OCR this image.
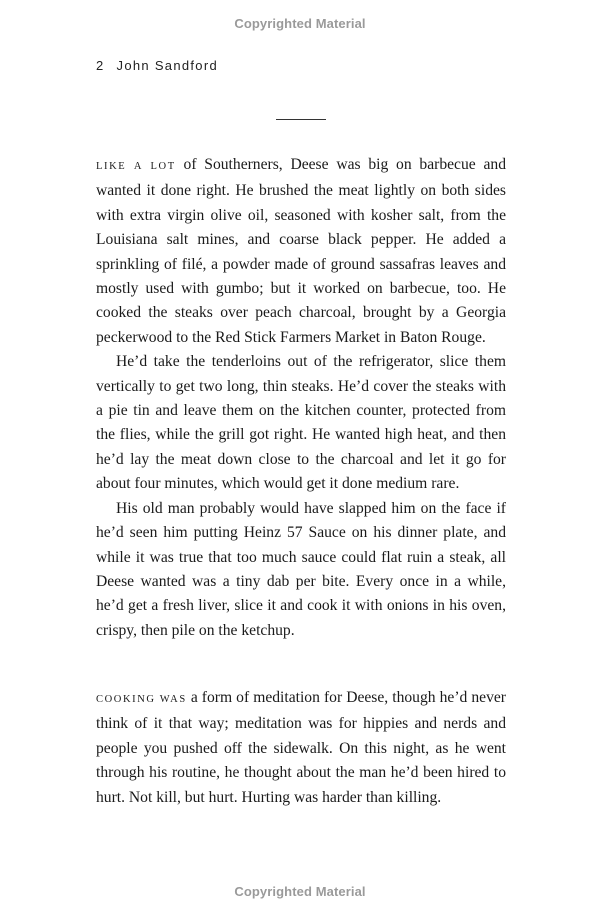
Copyrighted Material
2 John Sandford

LIKE A LOT of Southerners, Deese was big on barbecue and wanted it done right. He brushed the meat lightly on both sides with extra virgin olive oil, seasoned with kosher salt, from the Louisiana salt mines, and coarse black pepper. He added a sprinkling of filé, a powder made of ground sassafras leaves and mostly used with gumbo; but it worked on barbecue, too. He cooked the steaks over peach charcoal, brought by a Georgia peckerwood to the Red Stick Farmers Market in Baton Rouge.

He’d take the tenderloins out of the refrigerator, slice them vertically to get two long, thin steaks. He’d cover the steaks with a pie tin and leave them on the kitchen counter, protected from the flies, while the grill got right. He wanted high heat, and then he’d lay the meat down close to the charcoal and let it go for about four minutes, which would get it done medium rare.

His old man probably would have slapped him on the face if he’d seen him putting Heinz 57 Sauce on his dinner plate, and while it was true that too much sauce could flat ruin a steak, all Deese wanted was a tiny dab per bite. Every once in a while, he’d get a fresh liver, slice it and cook it with onions in his oven, crispy, then pile on the ketchup.

COOKING WAS a form of meditation for Deese, though he’d never think of it that way; meditation was for hippies and nerds and people you pushed off the sidewalk. On this night, as he went through his routine, he thought about the man he’d been hired to hurt. Not kill, but hurt. Hurting was harder than killing.

Copyrighted Material
